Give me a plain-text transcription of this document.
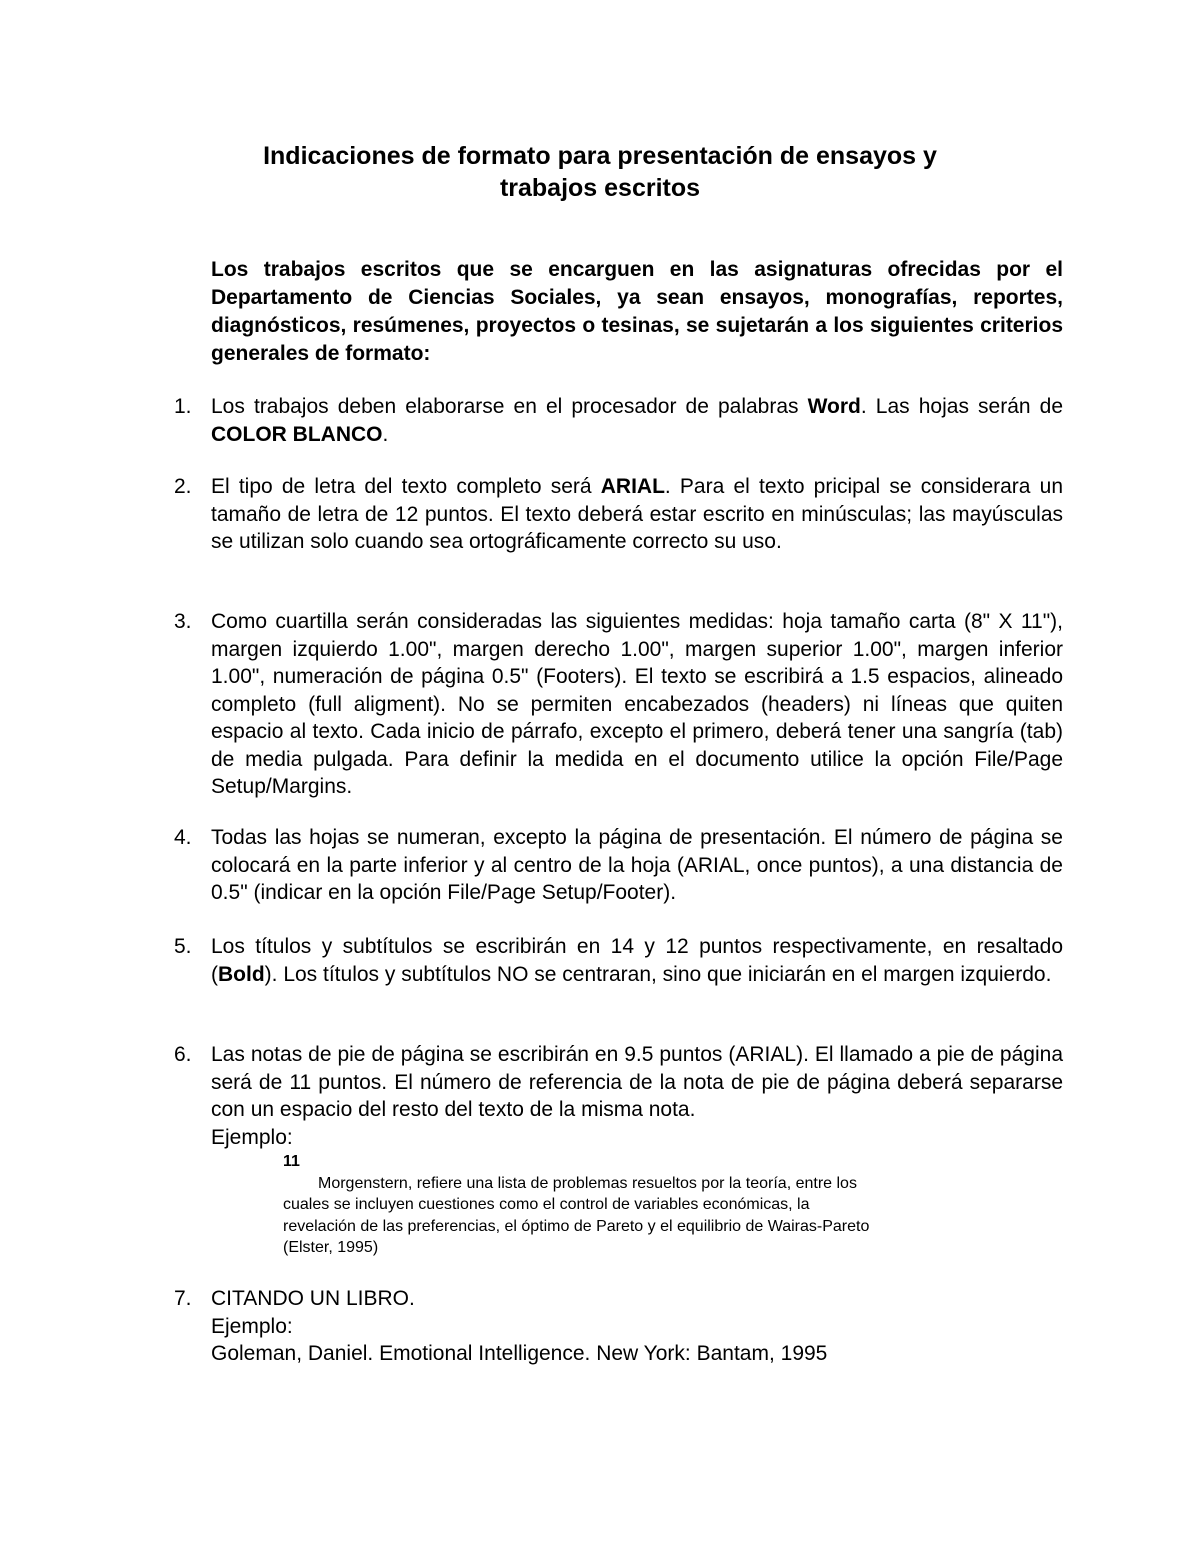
Indicaciones de formato para presentación de ensayos y
trabajos escritos
Los trabajos escritos que se encarguen en las asignaturas ofrecidas por el Departamento de Ciencias Sociales, ya sean ensayos, monografías, reportes, diagnósticos, resúmenes, proyectos o tesinas, se sujetarán a los siguientes criterios generales de formato:
1. Los trabajos deben elaborarse en el procesador de palabras Word. Las hojas serán de COLOR BLANCO.
2. El tipo de letra del texto completo será ARIAL. Para el texto pricipal se considerara un tamaño de letra de 12 puntos. El texto deberá estar escrito en minúsculas; las mayúsculas se utilizan solo cuando sea ortográficamente correcto su uso.
3. Como cuartilla serán consideradas las siguientes medidas: hoja tamaño carta (8" X 11"), margen izquierdo 1.00", margen derecho 1.00", margen superior 1.00", margen inferior 1.00", numeración de página 0.5" (Footers). El texto se escribirá a 1.5 espacios, alineado completo (full aligment). No se permiten encabezados (headers) ni líneas que quiten espacio al texto. Cada inicio de párrafo, excepto el primero, deberá tener una sangría (tab) de media pulgada. Para definir la medida en el documento utilice la opción File/Page Setup/Margins.
4. Todas las hojas se numeran, excepto la página de presentación. El número de página se colocará en la parte inferior y al centro de la hoja (ARIAL, once puntos), a una distancia de 0.5" (indicar en la opción File/Page Setup/Footer).
5. Los títulos y subtítulos se escribirán en 14 y 12 puntos respectivamente, en resaltado (Bold). Los títulos y subtítulos NO se centraran, sino que iniciarán en el margen izquierdo.
6. Las notas de pie de página se escribirán en 9.5 puntos (ARIAL). El llamado a pie de página será de 11 puntos. El número de referencia de la nota de pie de página deberá separarse con un espacio del resto del texto de la misma nota.
Ejemplo:
11
Morgenstern, refiere una lista de problemas resueltos por la teoría, entre los
cuales se incluyen cuestiones como el control de variables económicas, la
revelación de las preferencias, el óptimo de Pareto y el equilibrio de Wairas-Pareto
(Elster, 1995)
7. CITANDO UN LIBRO.
Ejemplo:
Goleman, Daniel. Emotional Intelligence. New York: Bantam, 1995
